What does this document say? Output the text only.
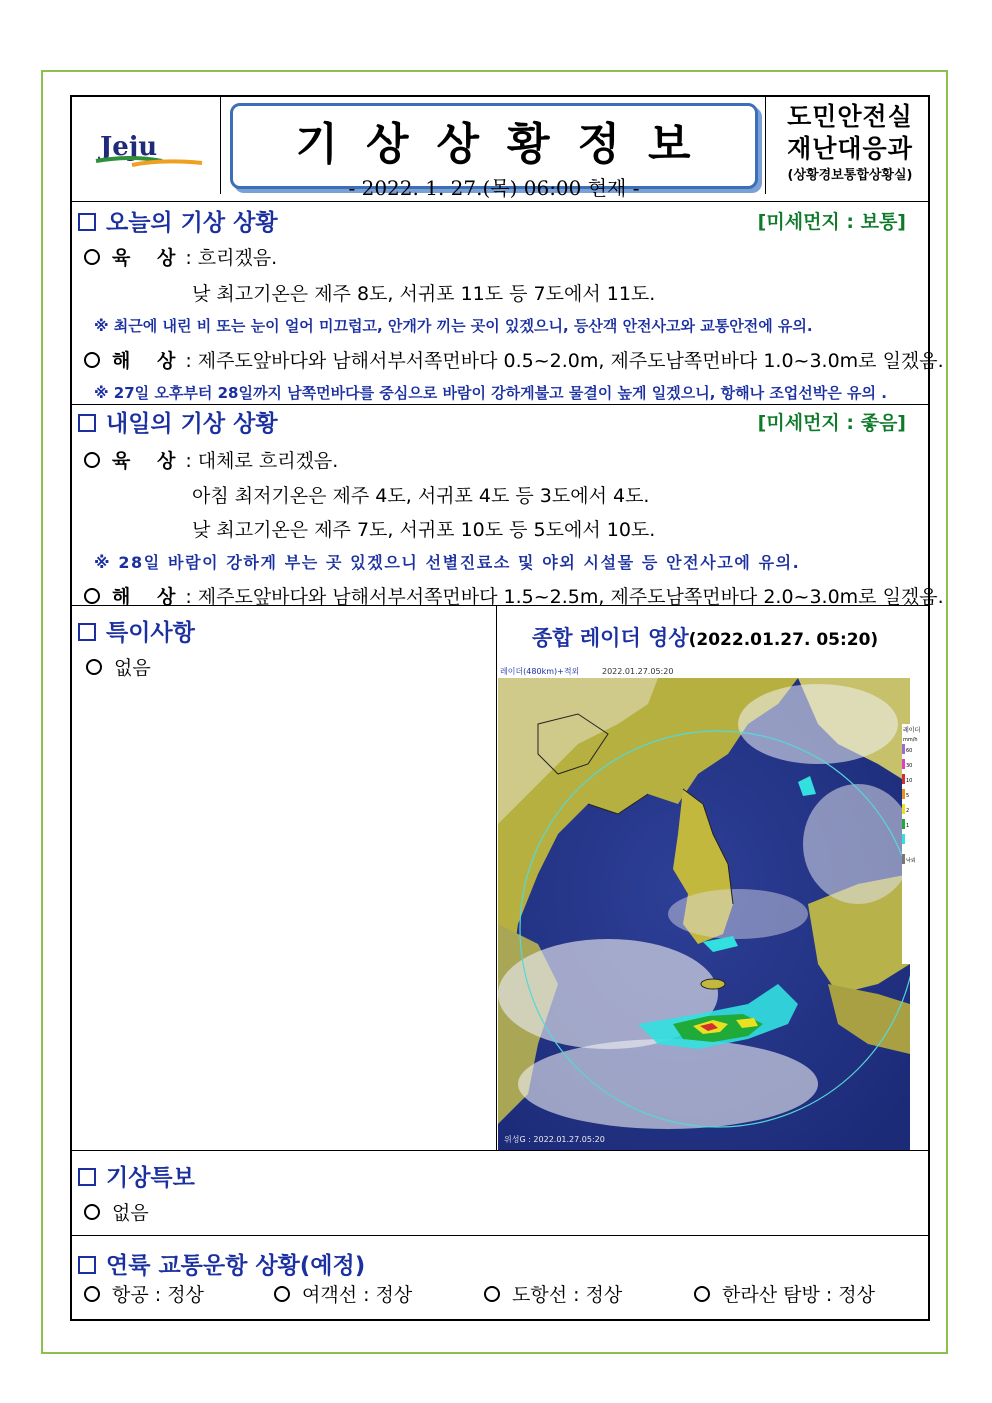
Jeju	기상상황정보
- 2022. 1. 27.(목) 06:00 현재 -
도민안전실
재난대응과
(상황경보통합상황실)
오늘의 기상 상황	[미세먼지 : 보통]
육 상: 흐리겠음.
낮 최고기온은 제주 8도, 서귀포 11도 등 7도에서 11도.
※ 최근에 내린 비 또는 눈이 얼어 미끄럽고, 안개가 끼는 곳이 있겠으니, 등산객 안전사고와 교통안전에 유의.
해 상: 제주도앞바다와 남해서부서쪽먼바다 0.5~2.0m, 제주도남쪽먼바다 1.0~3.0m로 일겠음.
※ 27일 오후부터 28일까지 남쪽먼바다를 중심으로 바람이 강하게불고 물결이 높게 일겠으니, 항해나 조업선박은 유의 .
내일의 기상 상황	[미세먼지 : 좋음]
육 상: 대체로 흐리겠음.
아침 최저기온은 제주 4도, 서귀포 4도 등 3도에서 4도.
낮 최고기온은 제주 7도, 서귀포 10도 등 5도에서 10도.
※ 28일 바람이 강하게 부는 곳 있겠으니 선별진료소 및 야외 시설물 등 안전사고에 유의.
해 상: 제주도앞바다와 남해서부서쪽먼바다 1.5~2.5m, 제주도남쪽먼바다 2.0~3.0m로 일겠음.
특이사항
없음
종합 레이더 영상(2022.01.27. 05:20)
레이더(480km)+적외	2022.01.27.05:20
위성G : 2022.01.27.05:20
레이더
mm/h
60
30
10
5
2
1
낙뢰
기상특보
없음
연륙 교통운항 상황(예정)
항공 : 정상	여객선 : 정상	도항선 : 정상	한라산 탐방 : 정상
